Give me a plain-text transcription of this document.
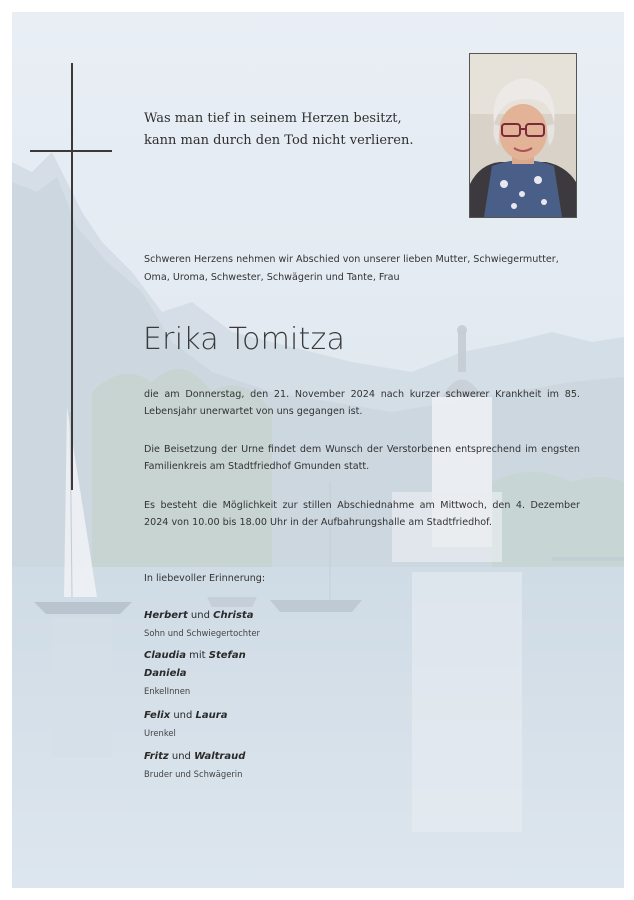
Was man tief in seinem Herzen besitzt,
kann man durch den Tod nicht verlieren.
Schweren Herzens nehmen wir Abschied von unserer lieben Mutter, Schwiegermutter, Oma, Uroma, Schwester, Schwägerin und Tante, Frau
Erika Tomitza
die am Donnerstag, den 21. November 2024 nach kurzer schwerer Krankheit im 85. Lebensjahr unerwartet von uns gegangen ist.
Die Beisetzung der Urne findet dem Wunsch der Verstorbenen entsprechend im engsten Familienkreis am Stadtfriedhof Gmunden statt.
Es besteht die Möglichkeit zur stillen Abschiednahme am Mittwoch, den 4. Dezember 2024 von 10.00 bis 18.00 Uhr in der Aufbahrungshalle am Stadtfriedhof.
In liebevoller Erinnerung:
Herbert und Christa
Sohn und Schwiegertochter
Claudia mit Stefan
Daniela
EnkelInnen
Felix und Laura
Urenkel
Fritz und Waltraud
Bruder und Schwägerin
